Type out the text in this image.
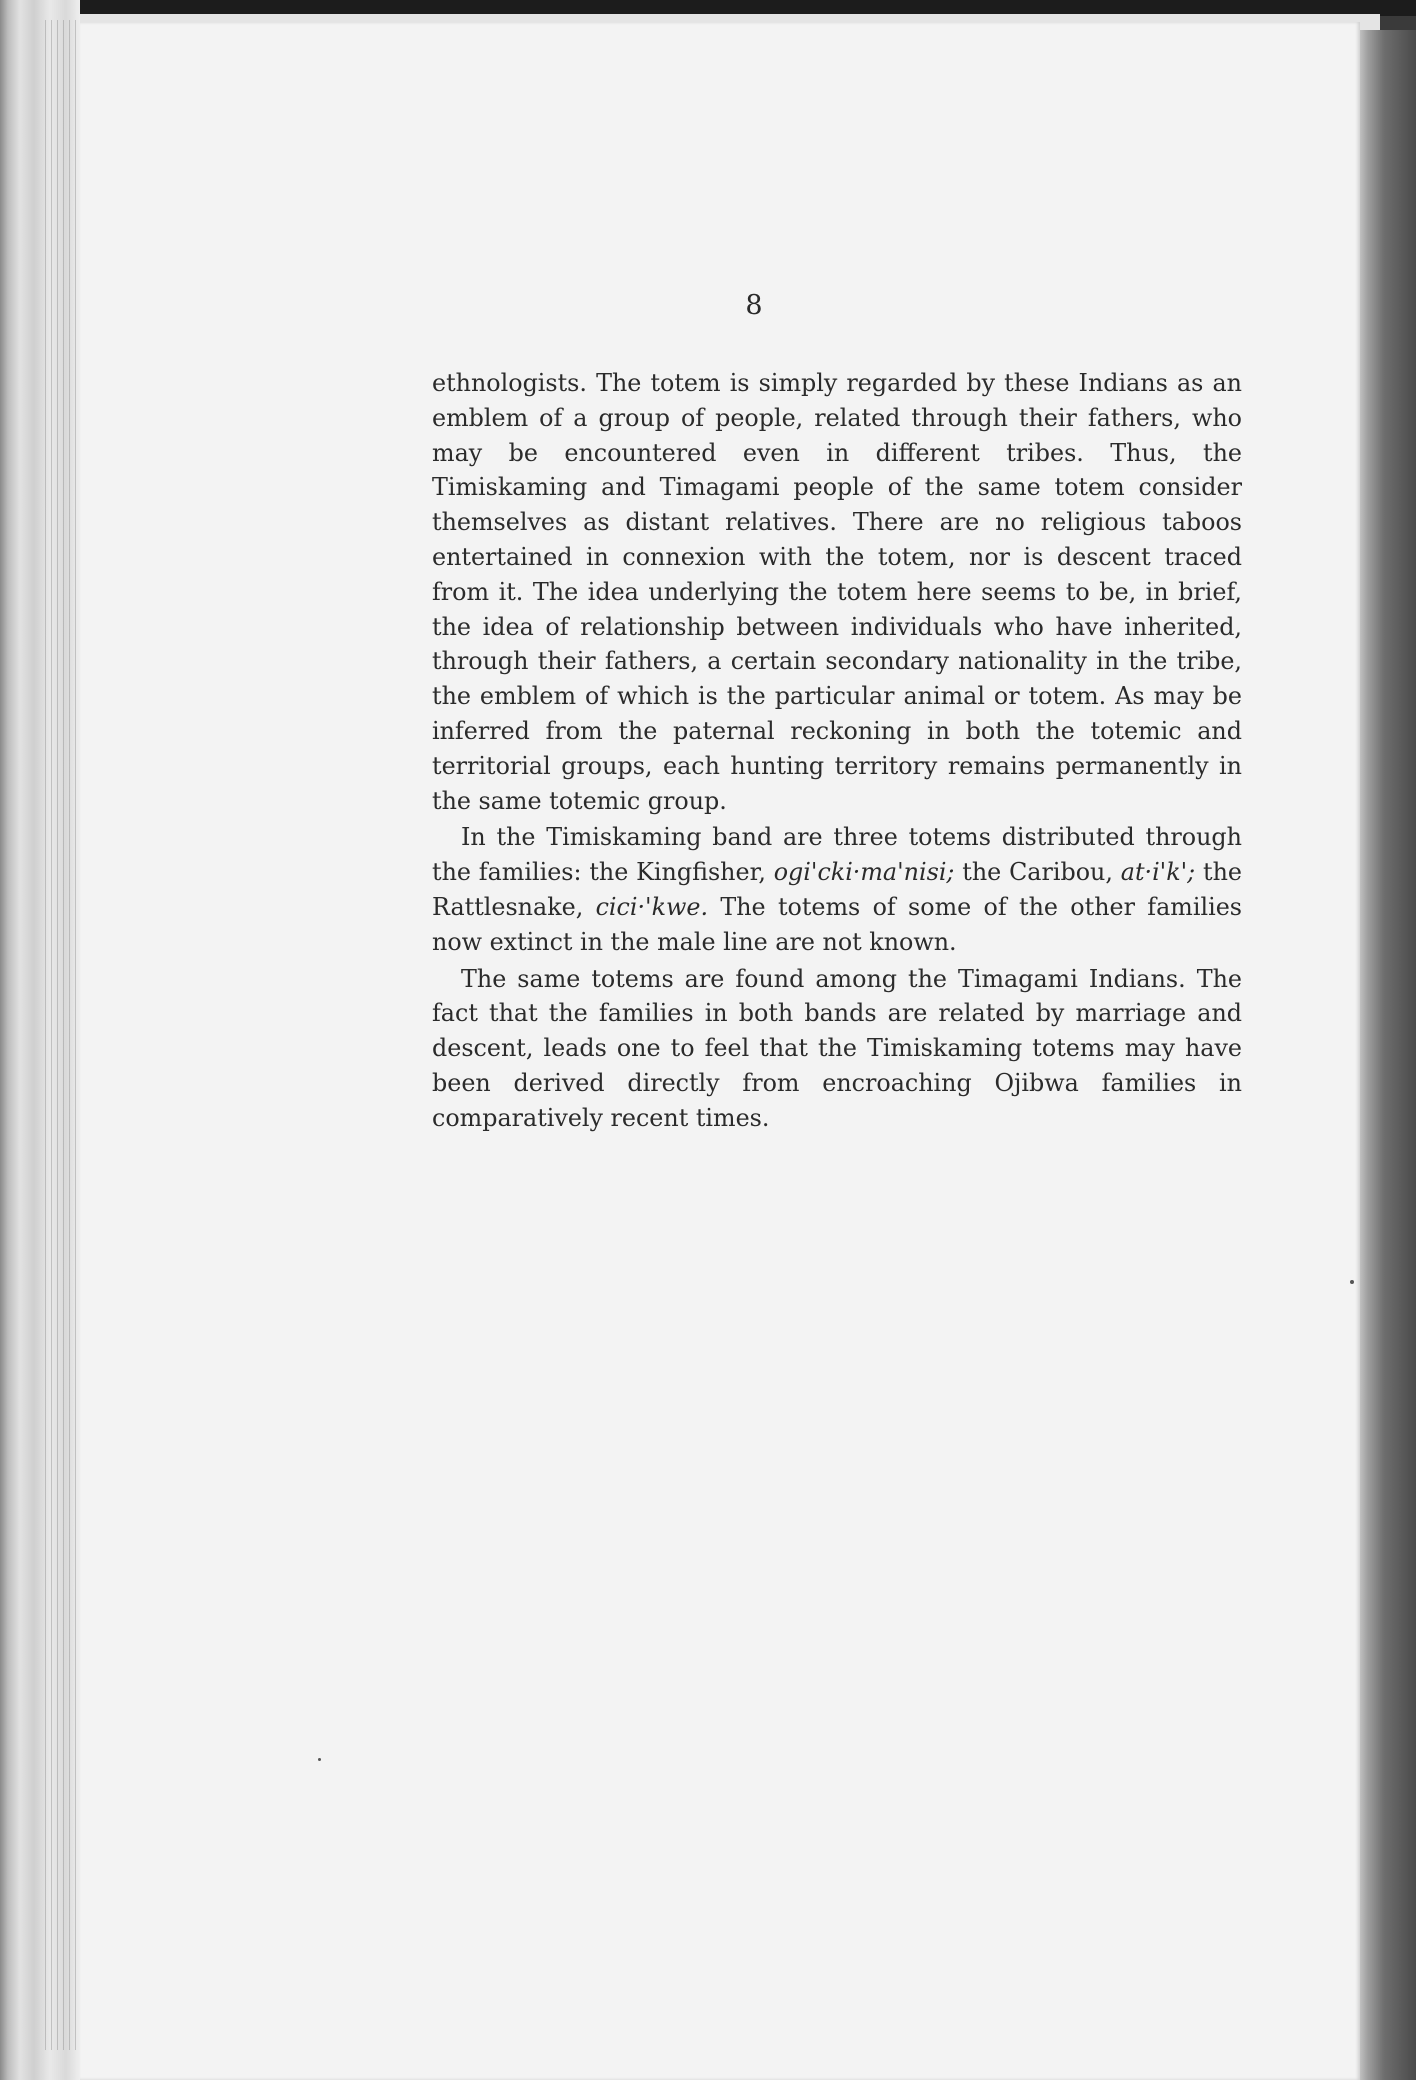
8

ethnologists. The totem is simply regarded by these Indians as an emblem of a group of people, related through their fathers, who may be encountered even in different tribes. Thus, the Timiskaming and Timagami people of the same totem consider themselves as distant relatives. There are no religious taboos entertained in connexion with the totem, nor is descent traced from it. The idea underlying the totem here seems to be, in brief, the idea of relationship between individuals who have inherited, through their fathers, a certain secondary nationality in the tribe, the emblem of which is the particular animal or totem. As may be inferred from the paternal reckoning in both the totemic and territorial groups, each hunting territory remains permanently in the same totemic group.

In the Timiskaming band are three totems distributed through the families: the Kingfisher, ogi'cki·ma'nisi; the Caribou, at·i'k'; the Rattlesnake, cici·'kwe. The totems of some of the other families now extinct in the male line are not known.

The same totems are found among the Timagami Indians. The fact that the families in both bands are related by marriage and descent, leads one to feel that the Timiskaming totems may have been derived directly from encroaching Ojibwa families in comparatively recent times.
